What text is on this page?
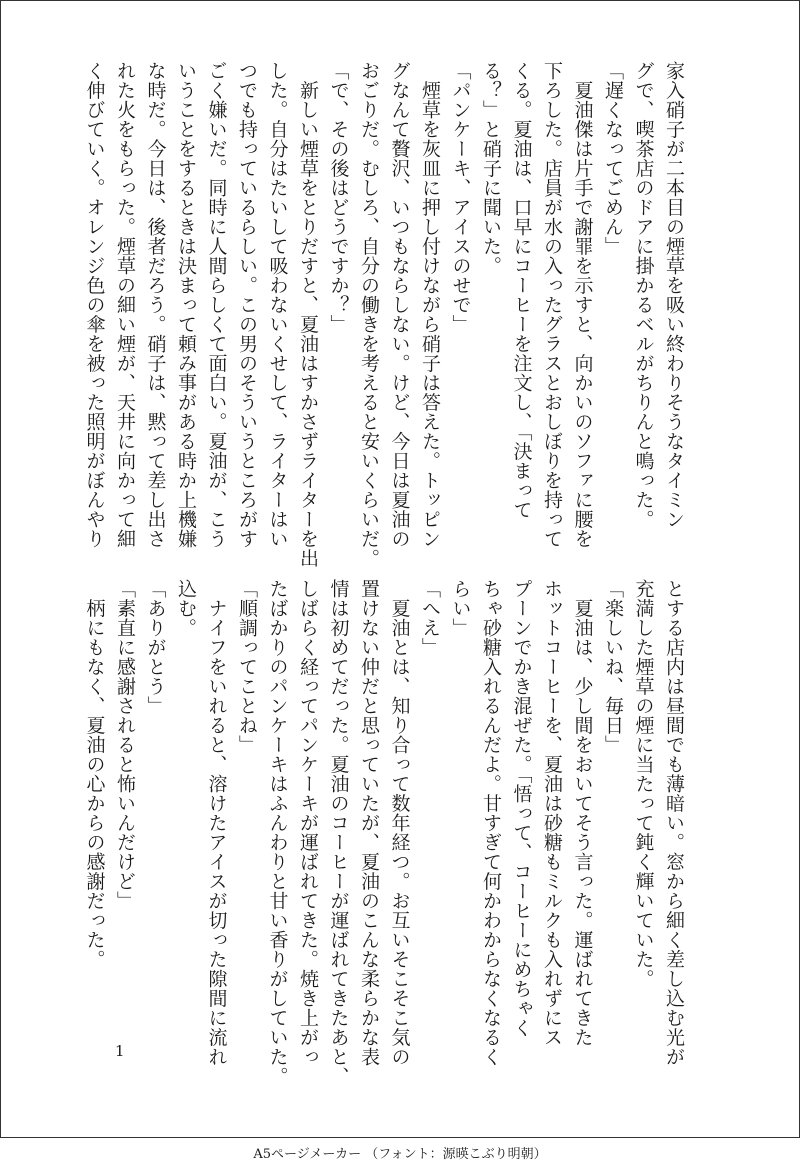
家入硝子が二本目の煙草を吸い終わりそうなタイミン

グで、喫茶店のドアに掛かるベルがちりんと鳴った。

「遅くなってごめん」

　夏油傑は片手で謝罪を示すと、向かいのソファに腰を

下ろした。店員が水の入ったグラスとおしぼりを持って

くる。夏油は、口早にコーヒーを注文し、「決まって

る？」と硝子に聞いた。

「パンケーキ、アイスのせで」

　煙草を灰皿に押し付けながら硝子は答えた。トッピン

グなんて贅沢、いつもならしない。けど、今日は夏油の

おごりだ。むしろ、自分の働きを考えると安いくらいだ。

「で、その後はどうですか？」

　新しい煙草をとりだすと、夏油はすかさずライターを出

した。自分はたいして吸わないくせして、ライターはい

つでも持っているらしい。この男のそういうところがす

ごく嫌いだ。同時に人間らしくて面白い。夏油が、こう

いうことをするときは決まって頼み事がある時か上機嫌

な時だ。今日は、後者だろう。硝子は、黙って差し出さ

れた火をもらった。煙草の細い煙が、天井に向かって細

く伸びていく。オレンジ色の傘を被った照明がぼんやり

とする店内は昼間でも薄暗い。窓から細く差し込む光が

充満した煙草の煙に当たって鈍く輝いていた。

「楽しいね、毎日」

　夏油は、少し間をおいてそう言った。運ばれてきた

ホットコーヒーを、夏油は砂糖もミルクも入れずにス

プーンでかき混ぜた。「悟って、コーヒーにめちゃく

ちゃ砂糖入れるんだよ。甘すぎて何かわからなくなるく

らい」

「へえ」

　夏油とは、知り合って数年経つ。お互いそこそこ気の

置けない仲だと思っていたが、夏油のこんな柔らかな表

情は初めてだった。夏油のコーヒーが運ばれてきたあと、

しばらく経ってパンケーキが運ばれてきた。焼き上がっ

たばかりのパンケーキはふんわりと甘い香りがしていた。

「順調ってことね」

　ナイフをいれると、溶けたアイスが切った隙間に流れ

込む。

「ありがとう」

「素直に感謝されると怖いんだけど」

　柄にもなく、夏油の心からの感謝だった。

1
A5ページメーカー （フォント：源暎こぶり明朝）
